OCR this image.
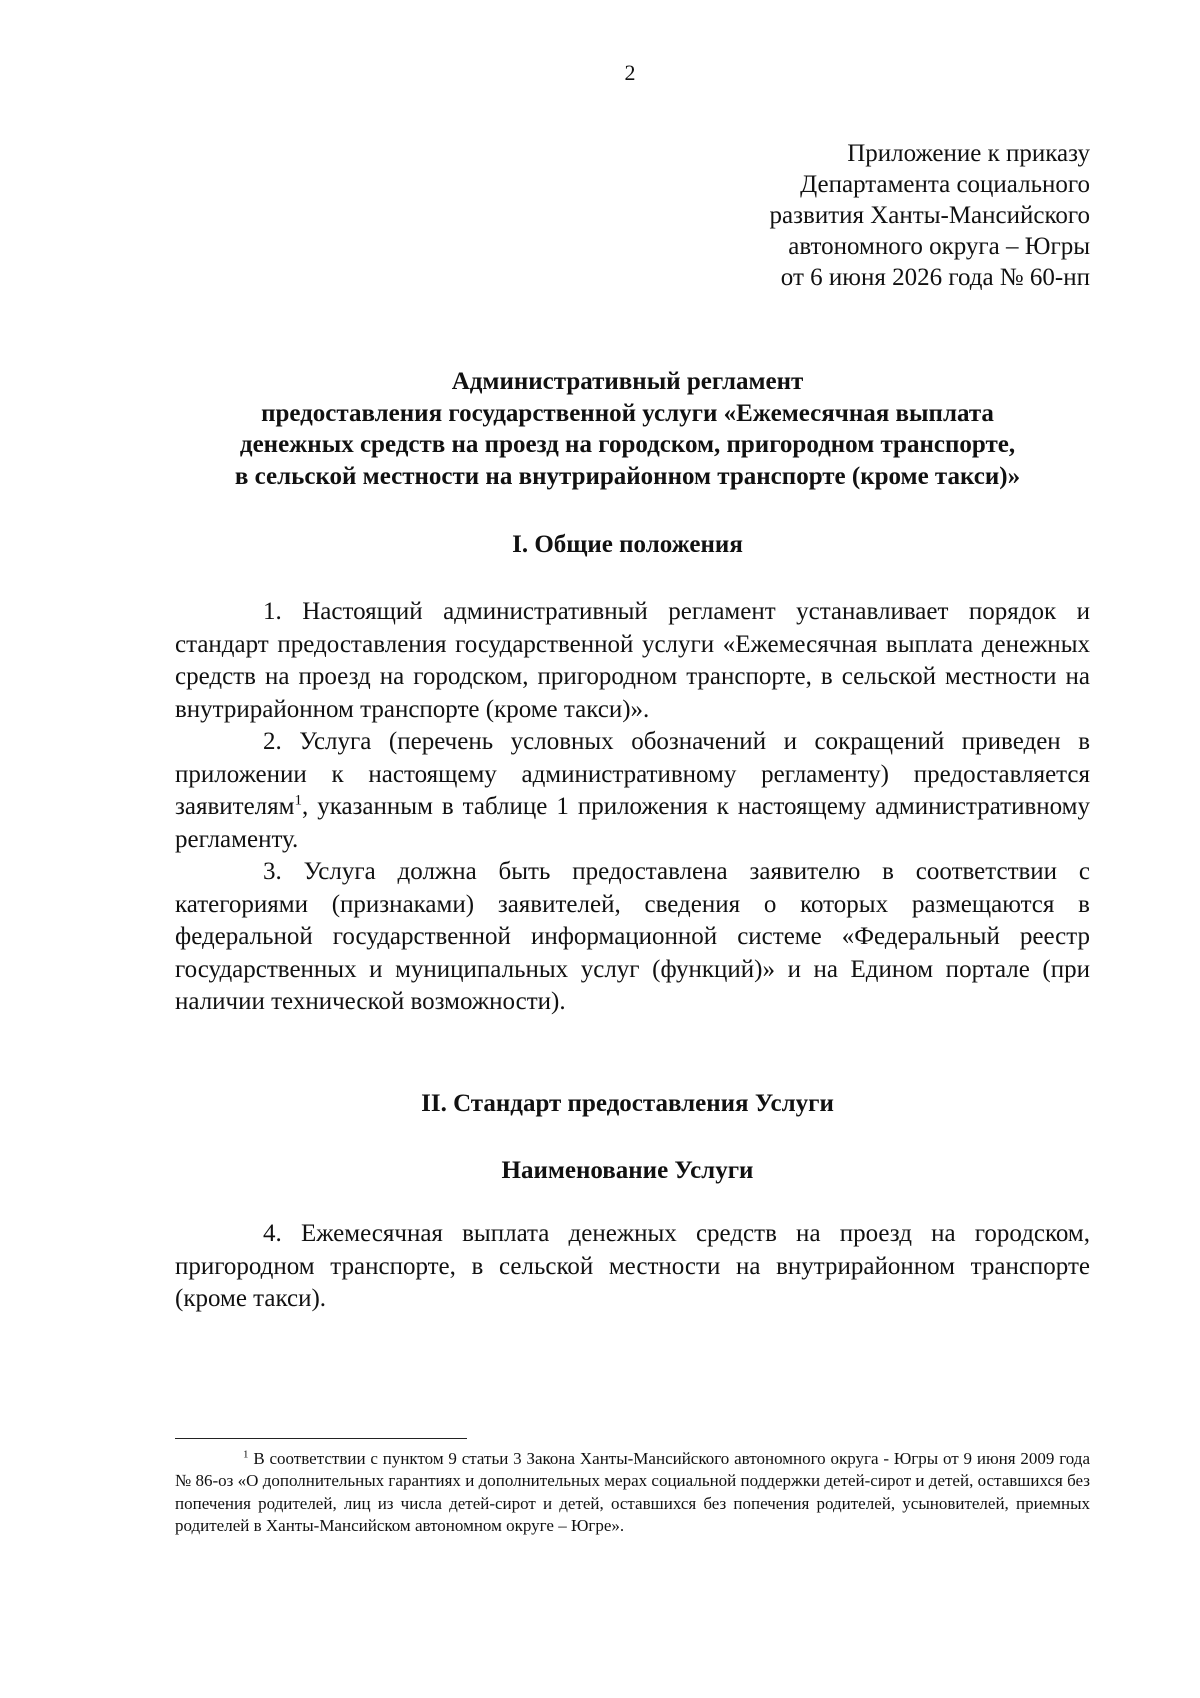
2
Приложение к приказу
Департамента социального
развития Ханты-Мансийского
автономного округа – Югры
от 6 июня 2026 года № 60-нп
Административный регламент
предоставления государственной услуги «Ежемесячная выплата
денежных средств на проезд на городском, пригородном транспорте,
в сельской местности на внутрирайонном транспорте (кроме такси)»
I. Общие положения

1. Настоящий административный регламент устанавливает порядок и стандарт предоставления государственной услуги «Ежемесячная выплата денежных средств на проезд на городском, пригородном транспорте, в сельской местности на внутрирайонном транспорте (кроме такси)».

2. Услуга (перечень условных обозначений и сокращений приведен в приложении к настоящему административному регламенту) предоставляется заявителям$^1$, указанным в таблице 1 приложения к настоящему административному регламенту.

3. Услуга должна быть предоставлена заявителю в соответствии с категориями (признаками) заявителей, сведения о которых размещаются в федеральной государственной информационной системе «Федеральный реестр государственных и муниципальных услуг (функций)» и на Едином портале (при наличии технической возможности).

II. Стандарт предоставления Услуги
Наименование Услуги

4. Ежемесячная выплата денежных средств на проезд на городском, пригородном транспорте, в сельской местности на внутрирайонном транспорте (кроме такси).

$^1$ В соответствии с пунктом 9 статьи 3 Закона Ханты-Мансийского автономного округа - Югры от 9 июня 2009 года № 86-оз «О дополнительных гарантиях и дополнительных мерах социальной поддержки детей-сирот и детей, оставшихся без попечения родителей, лиц из числа детей-сирот и детей, оставшихся без попечения родителей, усыновителей, приемных родителей в Ханты-Мансийском автономном округе – Югре».
